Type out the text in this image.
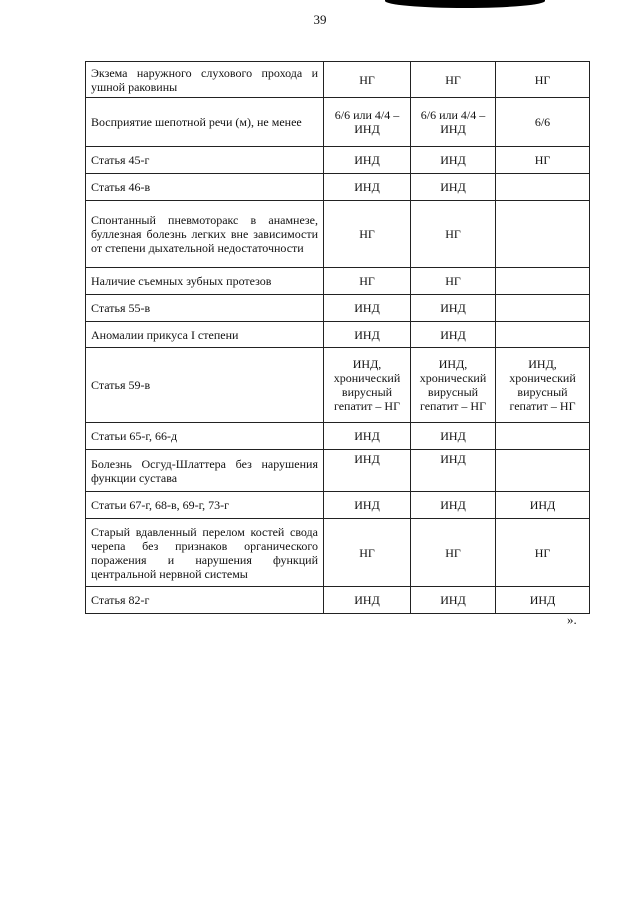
39
Экзема наружного слухового прохода и ушной раковины	НГ	НГ	НГ
Восприятие шепотной речи (м), не менее	6/6 или 4/4 – ИНД	6/6 или 4/4 – ИНД	6/6
Статья 45-г	ИНД	ИНД	НГ
Статья 46-в	ИНД	ИНД	
Спонтанный пневмоторакс в анамнезе, буллезная болезнь легких вне зависимости от степени дыхательной недостаточности	НГ	НГ	
Наличие съемных зубных протезов	НГ	НГ	
Статья 55-в	ИНД	ИНД	
Аномалии прикуса I степени	ИНД	ИНД	
Статья 59-в	ИНД, хронический вирусный гепатит – НГ	ИНД, хронический вирусный гепатит – НГ	ИНД, хронический вирусный гепатит – НГ
Статьи 65-г, 66-д	ИНД	ИНД	
Болезнь Осгуд-Шлаттера без нарушения функции сустава	ИНД	ИНД	
Статьи 67-г, 68-в, 69-г, 73-г	ИНД	ИНД	ИНД
Старый вдавленный перелом костей свода черепа без признаков органического поражения и нарушения функций центральной нервной системы	НГ	НГ	НГ
Статья 82-г	ИНД	ИНД	ИНД
».
